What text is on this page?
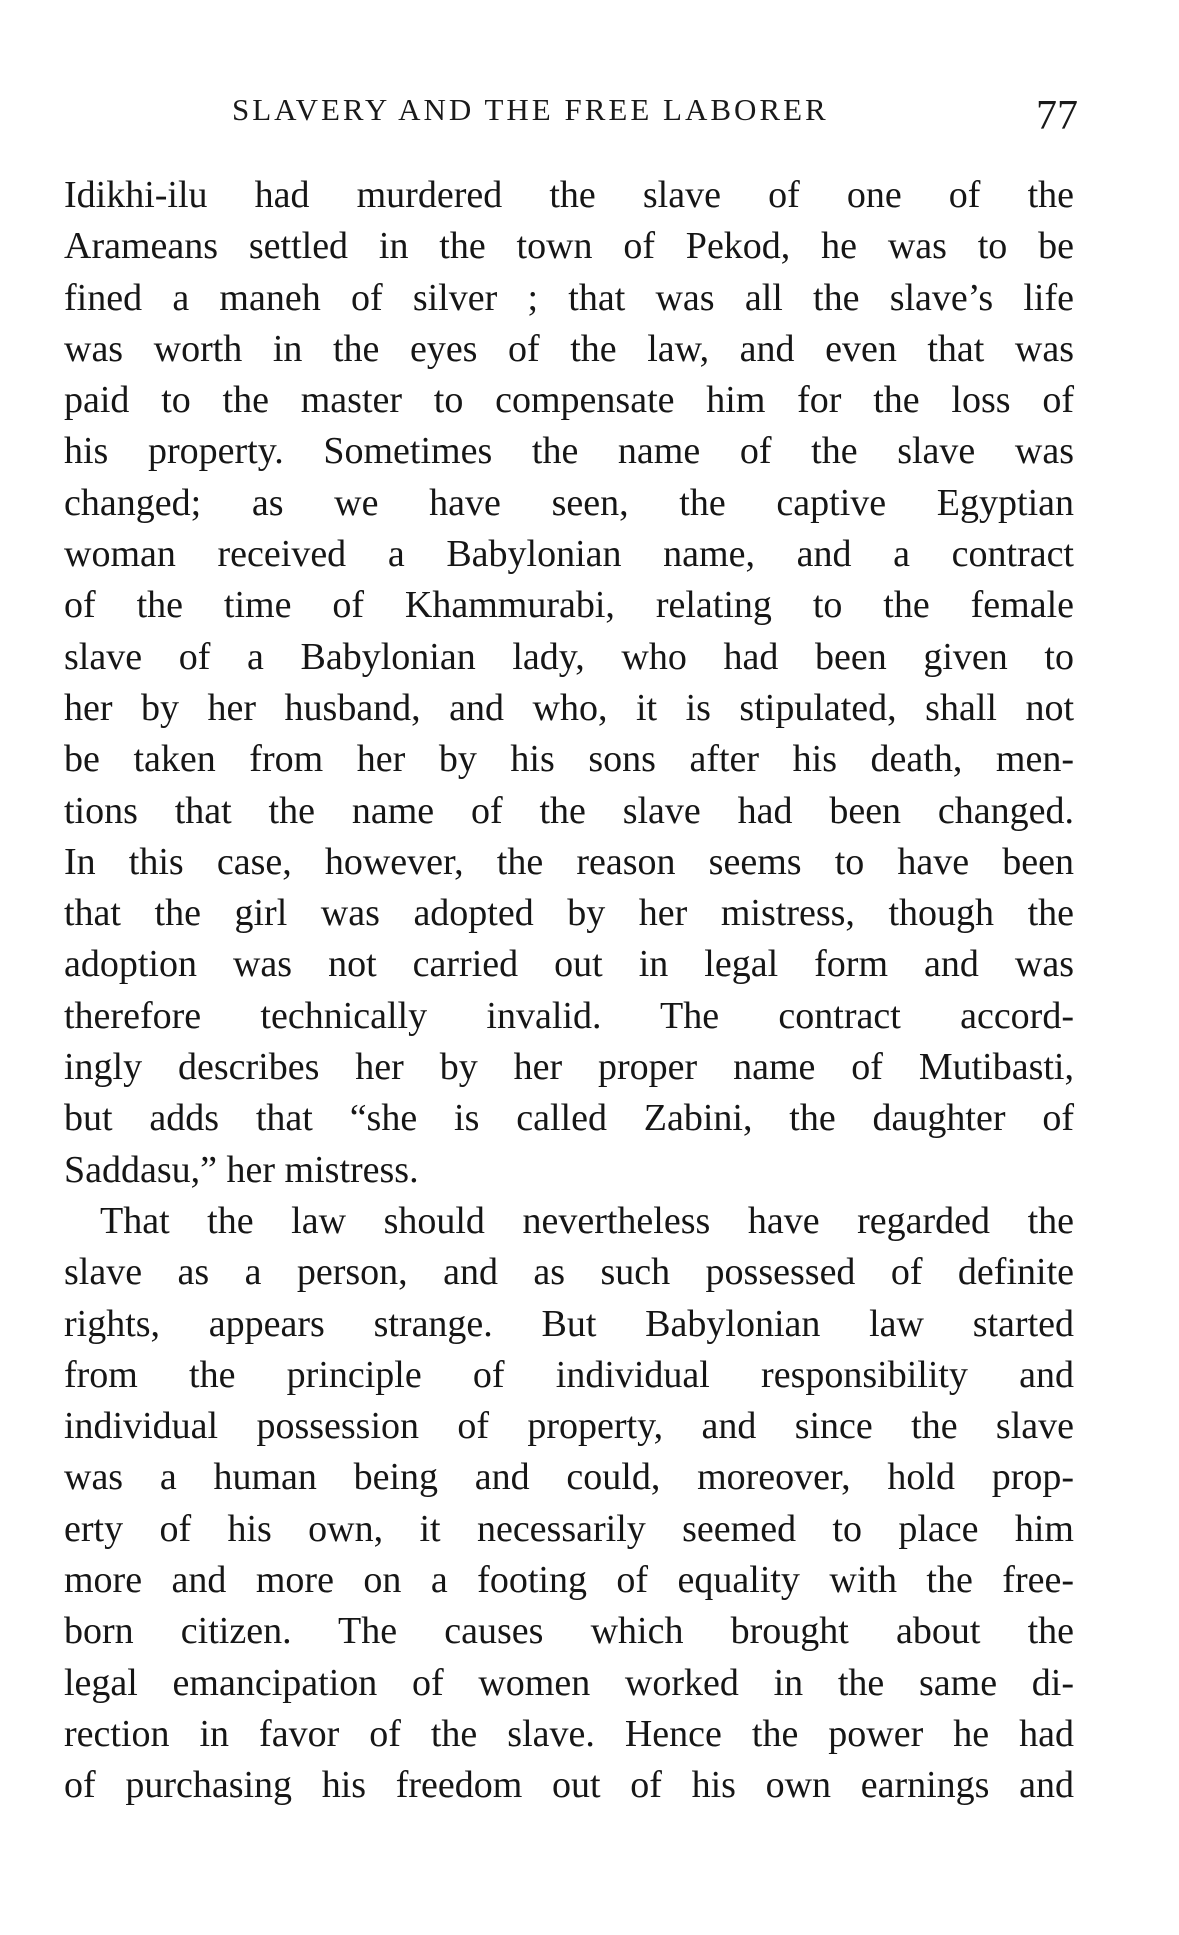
SLAVERY AND THE FREE LABORER	77
Idikhi-ilu had murdered the slave of one of the
Arameans settled in the town of Pekod, he was to be
fined a maneh of silver ; that was all the slave’s life
was worth in the eyes of the law, and even that was
paid to the master to compensate him for the loss of
his property. Sometimes the name of the slave was
changed; as we have seen, the captive Egyptian
woman received a Babylonian name, and a contract
of the time of Khammurabi, relating to the female
slave of a Babylonian lady, who had been given to
her by her husband, and who, it is stipulated, shall not
be taken from her by his sons after his death, men-
tions that the name of the slave had been changed.
In this case, however, the reason seems to have been
that the girl was adopted by her mistress, though the
adoption was not carried out in legal form and was
therefore technically invalid. The contract accord-
ingly describes her by her proper name of Mutibasti,
but adds that “she is called Zabini, the daughter of
Saddasu,” her mistress.
That the law should nevertheless have regarded the
slave as a person, and as such possessed of definite
rights, appears strange. But Babylonian law started
from the principle of individual responsibility and
individual possession of property, and since the slave
was a human being and could, moreover, hold prop-
erty of his own, it necessarily seemed to place him
more and more on a footing of equality with the free-
born citizen. The causes which brought about the
legal emancipation of women worked in the same di-
rection in favor of the slave. Hence the power he had
of purchasing his freedom out of his own earnings and
